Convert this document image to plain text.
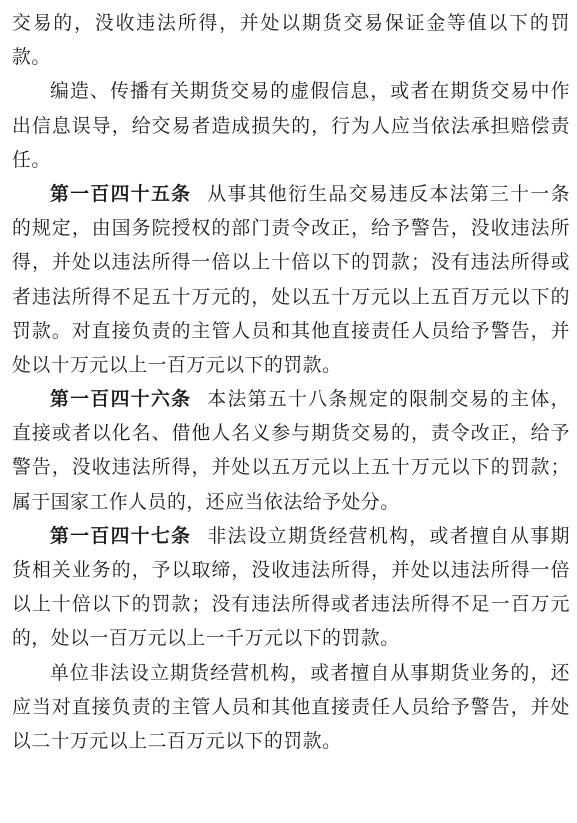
交易的，没收违法所得，并处以期货交易保证金等值以下的罚
款。
编造、传播有关期货交易的虚假信息，或者在期货交易中作
出信息误导，给交易者造成损失的，行为人应当依法承担赔偿责
任。
第一百四十五条 从事其他衍生品交易违反本法第三十一条
的规定，由国务院授权的部门责令改正，给予警告，没收违法所
得，并处以违法所得一倍以上十倍以下的罚款；没有违法所得或
者违法所得不足五十万元的，处以五十万元以上五百万元以下的
罚款。对直接负责的主管人员和其他直接责任人员给予警告，并
处以十万元以上一百万元以下的罚款。
第一百四十六条 本法第五十八条规定的限制交易的主体，
直接或者以化名、借他人名义参与期货交易的，责令改正，给予
警告，没收违法所得，并处以五万元以上五十万元以下的罚款；
属于国家工作人员的，还应当依法给予处分。
第一百四十七条 非法设立期货经营机构，或者擅自从事期
货相关业务的，予以取缔，没收违法所得，并处以违法所得一倍
以上十倍以下的罚款；没有违法所得或者违法所得不足一百万元
的，处以一百万元以上一千万元以下的罚款。
单位非法设立期货经营机构，或者擅自从事期货业务的，还
应当对直接负责的主管人员和其他直接责任人员给予警告，并处
以二十万元以上二百万元以下的罚款。
